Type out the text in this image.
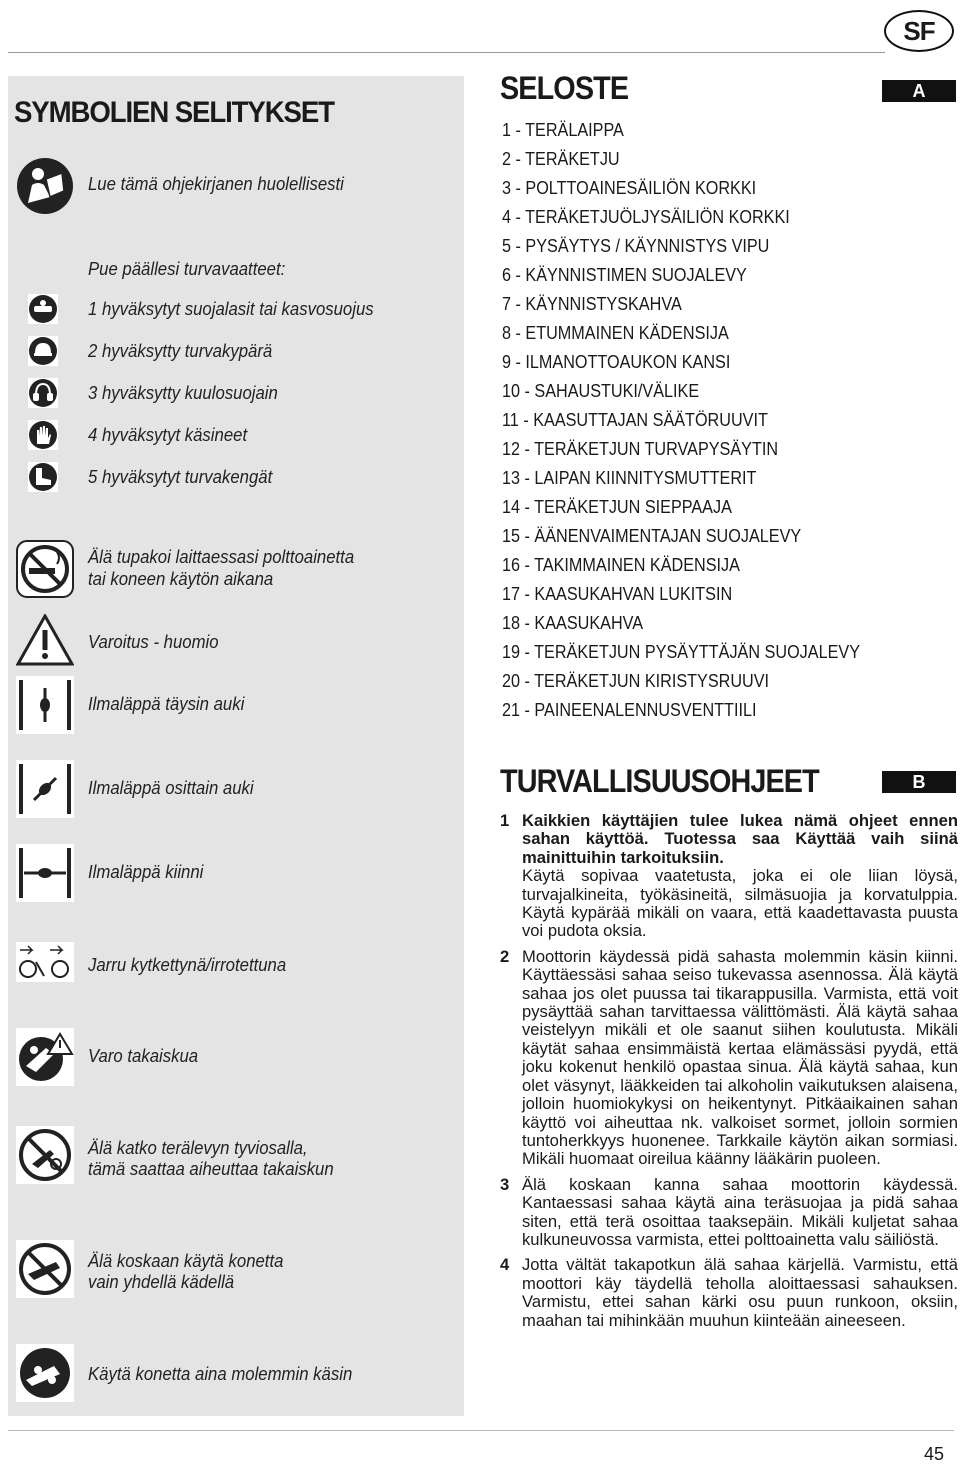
SF
SYMBOLIEN SELITYKSET
Lue tämä ohjekirjanen huolellisesti
Pue päällesi turvavaatteet:
1 hyväksytyt suojalasit tai kasvosuojus
2 hyväksytty turvakypärä
3 hyväksytty kuulosuojain
4 hyväksytyt käsineet
5 hyväksytyt turvakengät
Älä tupakoi laittaessasi polttoainetta
tai koneen käytön aikana
Varoitus - huomio
Ilmaläppä täysin auki
Ilmaläppä osittain auki
Ilmaläppä kiinni
Jarru kytkettynä/irrotettuna
Varo takaiskua
Älä katko terälevyn tyviosalla,
tämä saattaa aiheuttaa takaiskun
Älä koskaan käytä konetta
vain yhdellä kädellä
Käytä konetta aina molemmin käsin
SELOSTE	A
1 - TERÄLAIPPA
2 - TERÄKETJU
3 - POLTTOAINESÄILIÖN KORKKI
4 - TERÄKETJUÖLJYSÄILIÖN KORKKI
5 - PYSÄYTYS / KÄYNNISTYS VIPU
6 - KÄYNNISTIMEN SUOJALEVY
7 - KÄYNNISTYSKAHVA
8 - ETUMMAINEN KÄDENSIJA
9 - ILMANOTTOAUKON KANSI
10 - SAHAUSTUKI/VÄLIKE
11 - KAASUTTAJAN SÄÄTÖRUUVIT
12 - TERÄKETJUN TURVAPYSÄYTIN
13 - LAIPAN KIINNITYSMUTTERIT
14 - TERÄKETJUN SIEPPAAJA
15 - ÄÄNENVAIMENTAJAN SUOJALEVY
16 - TAKIMMAINEN KÄDENSIJA
17 - KAASUKAHVAN LUKITSIN
18 - KAASUKAHVA
19 - TERÄKETJUN PYSÄYTTÄJÄN SUOJALEVY
20 - TERÄKETJUN KIRISTYSRUUVI
21 - PAINEENALENNUSVENTTIILI
TURVALLISUUSOHJEET	B
1 Kaikkien käyttäjien tulee lukea nämä ohjeet ennen sahan käyttöä. Tuotessa saa Käyttää vaih siinä mainittuihin tarkoituksiin.

Käytä sopivaa vaatetusta, joka ei ole liian löysä, turvajalkineita, työkäsineitä, silmäsuojia ja korvatulppia. Käytä kypärää mikäli on vaara, että kaadettavasta puusta voi pudota oksia.

2 Moottorin käydessä pidä sahasta molemmin käsin kiinni. Käyttäessäsi sahaa seiso tukevassa asennossa. Älä käytä sahaa jos olet puussa tai tikarappusilla. Varmista, että voit pysäyttää sahan tarvittaessa välittömästi. Älä käytä sahaa veistelyyn mikäli et ole saanut siihen koulutusta. Mikäli käytät sahaa ensimmäistä kertaa elämässäsi pyydä, että joku kokenut henkilö opastaa sinua. Älä käytä sahaa, kun olet väsynyt, lääkkeiden tai alkoholin vaikutuksen alaisena, jolloin huomiokykysi on heikentynyt. Pitkäaikainen sahan käyttö voi aiheuttaa nk. valkoiset sormet, jolloin sormien tuntoherkkyys huonenee. Tarkkaile käytön aikan sormiasi. Mikäli huomaat oireilua käänny lääkärin puoleen.

3 Älä koskaan kanna sahaa moottorin käydessä. Kantaessasi sahaa käytä aina teräsuojaa ja pidä sahaa siten, että terä osoittaa taaksepäin. Mikäli kuljetat sahaa kulkuneuvossa varmista, ettei polttoainetta valu säiliöstä.

4 Jotta vältät takapotkun älä sahaa kärjellä. Varmistu, että moottori käy täydellä teholla aloittaessasi sahauksen. Varmistu, ettei sahan kärki osu puun runkoon, oksiin, maahan tai mihinkään muuhun kiinteään aineeseen.

45
